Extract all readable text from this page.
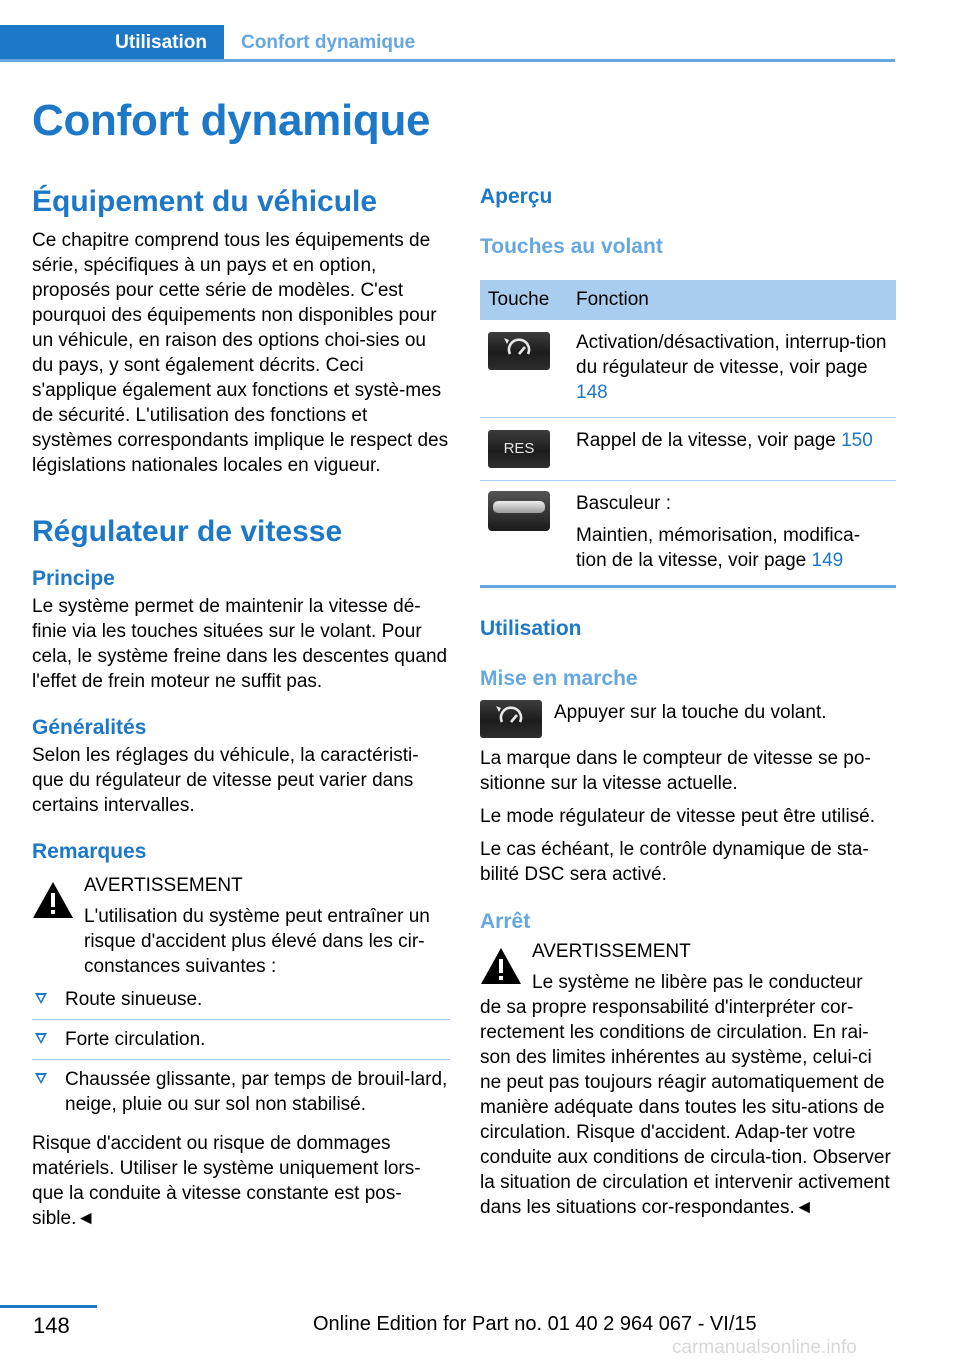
Utilisation	Confort dynamique
Confort dynamique
Équipement du véhicule

Ce chapitre comprend tous les équipements de série, spécifiques à un pays et en option, proposés pour cette série de modèles. C'est pourquoi des équipements non disponibles pour un véhicule, en raison des options choi-sies ou du pays, y sont également décrits. Ceci s'applique également aux fonctions et systè-mes de sécurité. L'utilisation des fonctions et systèmes correspondants implique le respect des législations nationales locales en vigueur.

Régulateur de vitesse
Principe

Le système permet de maintenir la vitesse dé-finie via les touches situées sur le volant. Pour cela, le système freine dans les descentes quand l'effet de frein moteur ne suffit pas.

Généralités

Selon les réglages du véhicule, la caractéristi-que du régulateur de vitesse peut varier dans certains intervalles.

Remarques
AVERTISSEMENT
L'utilisation du système peut entraîner un risque d'accident plus élevé dans les cir-constances suivantes :
Route sinueuse.
Forte circulation.
Chaussée glissante, par temps de brouil-lard, neige, pluie ou sur sol non stabilisé.

Risque d'accident ou risque de dommages matériels. Utiliser le système uniquement lors-que la conduite à vitesse constante est pos-sible.◄

Aperçu
Touches au volant
Touche	Fonction

	Activation/désactivation, interrup-tion du régulateur de vitesse, voir page 148

RES	Rappel de la vitesse, voir page 150

	Basculeur :
Maintien, mémorisation, modifica-tion de la vitesse, voir page 149
Utilisation
Mise en marche

Appuyer sur la touche du volant.

La marque dans le compteur de vitesse se po-sitionne sur la vitesse actuelle.

Le mode régulateur de vitesse peut être utilisé.

Le cas échéant, le contrôle dynamique de sta-bilité DSC sera activé.

Arrêt
AVERTISSEMENT
Le système ne libère pas le conducteur

de sa propre responsabilité d'interpréter cor-rectement les conditions de circulation. En rai-son des limites inhérentes au système, celui-ci ne peut pas toujours réagir automatiquement de manière adéquate dans toutes les situ-ations de circulation. Risque d'accident. Adap-ter votre conduite aux conditions de circula-tion. Observer la situation de circulation et intervenir activement dans les situations cor-respondantes.◄

148	Online Edition for Part no. 01 40 2 964 067 - VI/15
carmanualsonline.info
